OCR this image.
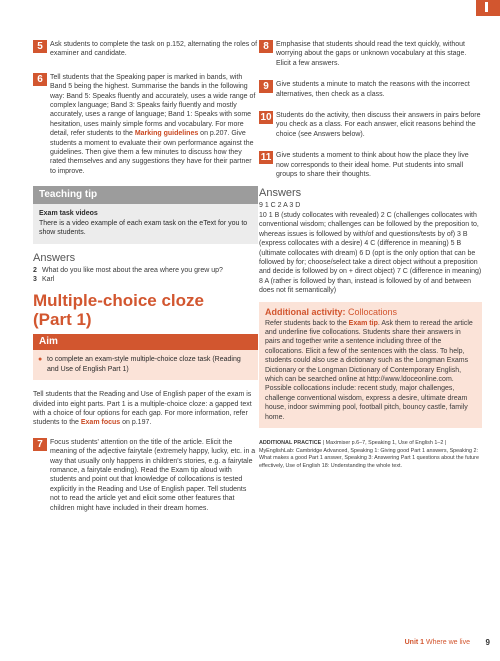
5	Ask students to complete the task on p.152, alternating the roles of examiner and candidate.

6	Tell students that the Speaking paper is marked in bands, with Band 5 being the highest. Summarise the bands in the following way: Band 5: Speaks fluently and accurately, uses a wide range of complex language; Band 3: Speaks fairly fluently and mostly accurately, uses a range of language; Band 1: Speaks with some hesitation, uses mainly simple forms and vocabulary. For more detail, refer students to the Marking guidelines on p.207. Give students a moment to evaluate their own performance against the guidelines. Then give them a few minutes to discuss how they rated themselves and any suggestions they have for their partner to improve.

Teaching tip
Exam task videos
There is a video example of each exam task on the eText for you to show students.
Answers
2 What do you like most about the area where you grew up?
3 Karl
Multiple-choice cloze
(Part 1)
Aim
● to complete an exam-style multiple-choice cloze task (Reading and Use of English Part 1)
Tell students that the Reading and Use of English paper of the exam is divided into eight parts. Part 1 is a multiple-choice cloze: a gapped text with a choice of four options for each gap. For more information, refer students to the Exam focus on p.197.
7	Focus students' attention on the title of the article. Elicit the meaning of the adjective fairytale (extremely happy, lucky, etc. in a way that usually only happens in children's stories, e.g. a fairytale romance, a fairytale ending). Read the Exam tip aloud with students and point out that knowledge of collocations is tested explicitly in the Reading and Use of English paper. Tell students not to read the article yet and elicit some other features that children might have included in their dream homes.

8	Emphasise that students should read the text quickly, without worrying about the gaps or unknown vocabulary at this stage. Elicit a few answers.

9	Give students a minute to match the reasons with the incorrect alternatives, then check as a class.

10 Students do the activity, then discuss their answers in pairs before you check as a class. For each answer, elicit reasons behind the choice (see Answers below).

11 Give students a moment to think about how the place they live now corresponds to their ideal home. Put students into small groups to share their thoughts.

Answers
9 1 C 2 A 3 D
10 1 B (study collocates with revealed) 2 C (challenges collocates with conventional wisdom; challenges can be followed by the preposition to, whereas issues is followed by with/of and questions/tests by of) 3 B (express collocates with a desire) 4 C (difference in meaning) 5 B (ultimate collocates with dream) 6 D (opt is the only option that can be followed by for; choose/select take a direct object without a preposition and decide is followed by on + direct object) 7 C (difference in meaning) 8 A (rather is followed by than, instead is followed by of and between does not fit semantically)
Additional activity: Collocations
Refer students back to the Exam tip. Ask them to reread the article and underline five collocations. Students share their answers in pairs and together write a sentence including three of the collocations. Elicit a few of the sentences with the class. To help, students could also use a dictionary such as the Longman Exams Dictionary or the Longman Dictionary of Contemporary English, which can be searched online at http://www.ldoceonline.com. Possible collocations include: recent study, major challenges, challenge conventional wisdom, express a desire, ultimate dream house, indoor swimming pool, football pitch, bouncy castle, family home.
ADDITIONAL PRACTICE | Maximiser p.6–7, Speaking 1, Use of English 1–2 | MyEnglishLab: Cambridge Advanced, Speaking 1: Giving good Part 1 answers, Speaking 2: What makes a good Part 1 answer, Speaking 3: Answering Part 1 questions about the future effectively, Use of English 18: Understanding the whole text.
Unit 1 Where we live 9
